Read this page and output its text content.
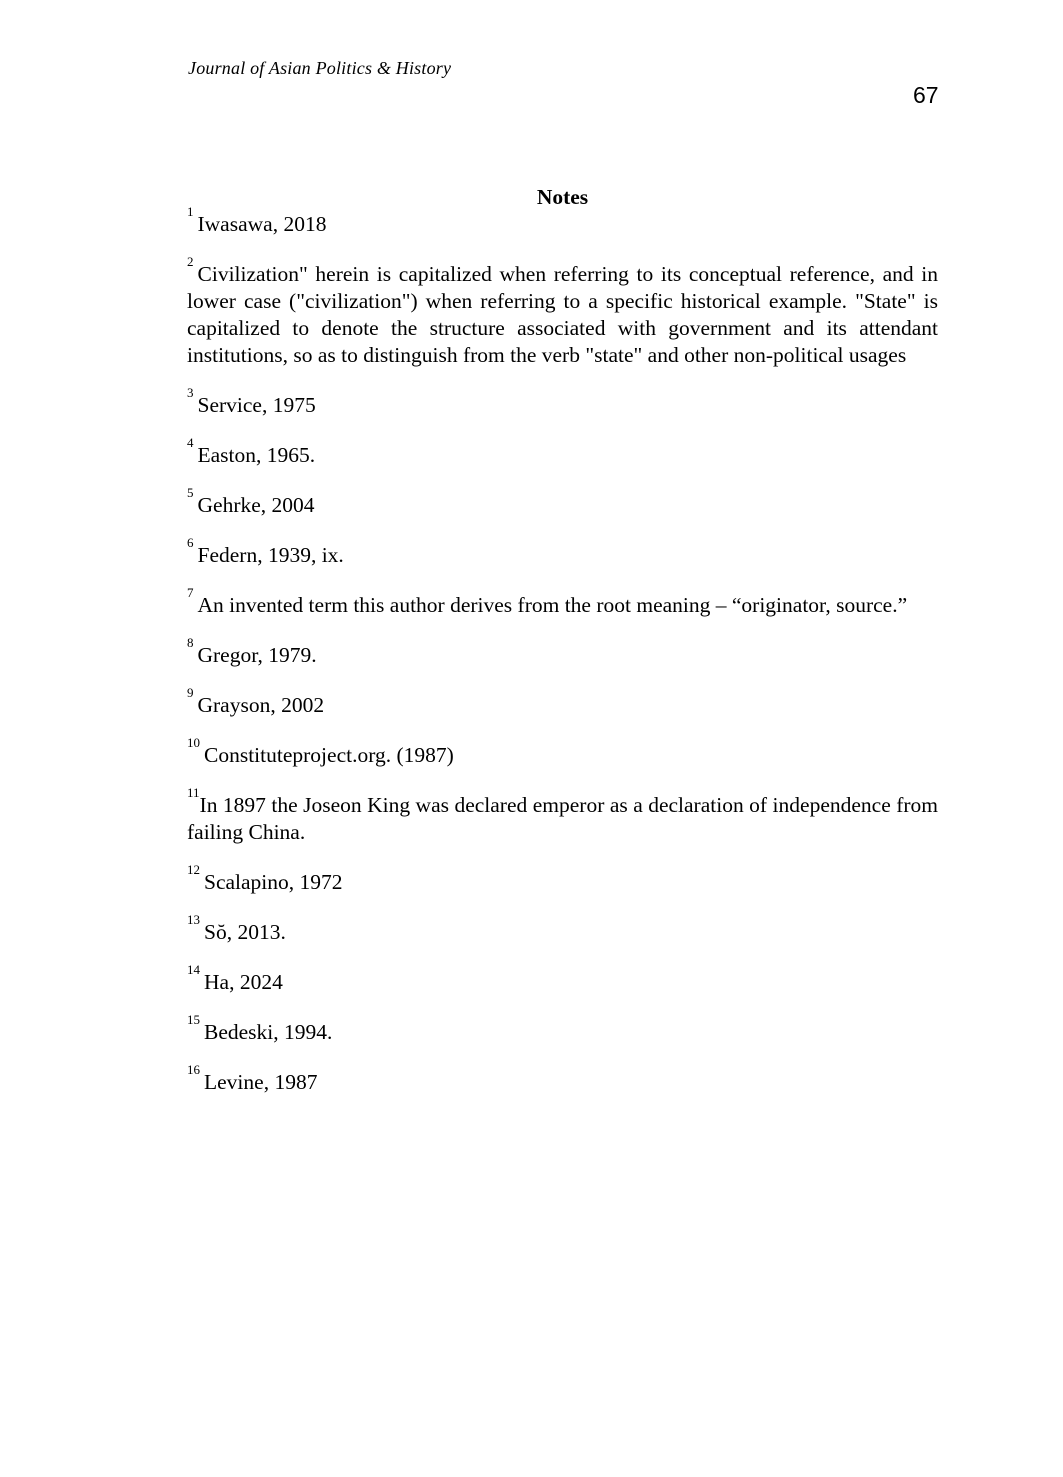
Journal of Asian Politics & History
67

Notes

$^1$Iwasawa, 2018

$^2$Civilization" herein is capitalized when referring to its conceptual reference, and in lower case ("civilization") when referring to a specific historical example. "State" is capitalized to denote the structure associated with government and its attendant institutions, so as to distinguish from the verb "state" and other non-political usages

$^3$Service, 1975

$^4$Easton, 1965.

$^5$Gehrke, 2004

$^6$Federn, 1939, ix.

$^7$An invented term this author derives from the root meaning – “originator, source.”

$^8$Gregor, 1979.

$^9$Grayson, 2002

$^{10}$Constituteproject.org. (1987)

$^{11}$In 1897 the Joseon King was declared emperor as a declaration of independence from failing China.

$^{12}$Scalapino, 1972

$^{13}$Sŏ, 2013.

$^{14}$Ha, 2024

$^{15}$Bedeski, 1994.

$^{16}$Levine, 1987
